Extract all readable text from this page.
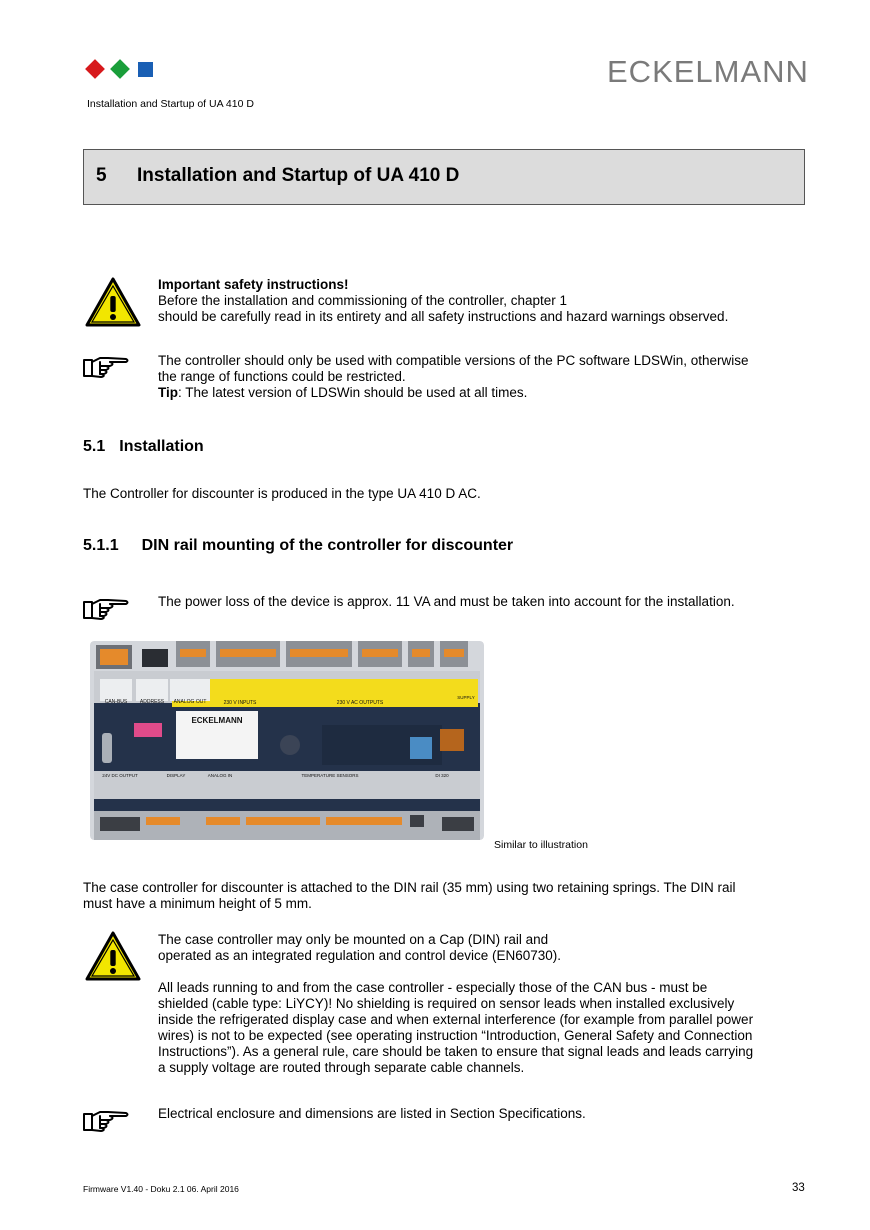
ECKELMANN
Installation and Startup of UA 410 D
5 Installation and Startup of UA 410 D
Important safety instructions!
Before the installation and commissioning of the controller, chapter 1
should be carefully read in its entirety and all safety instructions and hazard warnings observed.
The controller should only be used with compatible versions of the PC software LDSWin, otherwise
the range of functions could be restricted.
Tip: The latest version of LDSWin should be used at all times.
5.1 Installation
The Controller for discounter is produced in the type UA 410 D AC.
5.1.1 DIN rail mounting of the controller for discounter
The power loss of the device is approx. 11 VA and must be taken into account for the installation.
CAN-BUS	ADDRESS ANALOG OUT	230 V INPUTS	230 V AC OUTPUTS
SUPPLY
ECKELMANN
24V DC OUTPUT	DISPLAY	ANALOG IN	TEMPERATURE SENSORS	DI 320
Similar to illustration
The case controller for discounter is attached to the DIN rail (35 mm) using two retaining springs. The DIN rail
must have a minimum height of 5 mm.
The case controller may only be mounted on a Cap (DIN) rail and
operated as an integrated regulation and control device (EN60730).
All leads running to and from the case controller - especially those of the CAN bus - must be
shielded (cable type: LiYCY)! No shielding is required on sensor leads when installed exclusively
inside the refrigerated display case and when external interference (for example from parallel power
wires) is not to be expected (see operating instruction “Introduction, General Safety and Connection
Instructions”). As a general rule, care should be taken to ensure that signal leads and leads carrying
a supply voltage are routed through separate cable channels.
Electrical enclosure and dimensions are listed in Section Specifications.
Firmware V1.40 - Doku 2.1 06. April 2016	33
